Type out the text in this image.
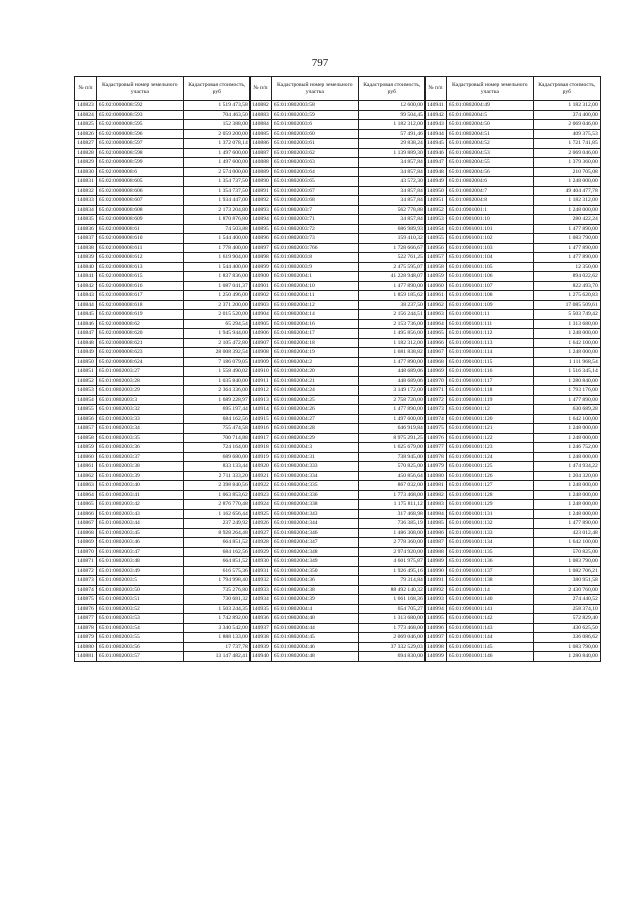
797
№ п/п	Кадастровый номер земельного участка	Кадастровая стоимость, руб
140823	65:02:0000008:592	1 519 473,58
140824	65:02:0000008:593	704 463,50
140825	65:02:0000008:595	152 388,00
140826	65:02:0000008:596	2 059 200,00
140827	65:02:0000008:597	1 372 078,14
140828	65:02:0000008:598	1 497 600,00
140829	65:02:0000008:599	1 497 600,00
140830	65:02:0000008:6	2 574 000,00
140831	65:02:0000008:605	1 354 737,50
140832	65:02:0000008:606	1 354 737,50
140833	65:02:0000008:607	1 934 447,00
140834	65:02:0000008:608	2 173 204,80
140835	65:02:0000008:609	1 870 876,80
140836	65:02:0000008:61	74 503,88
140837	65:02:0000008:610	1 544 400,00
140838	65:02:0000008:611	1 778 400,00
140839	65:02:0000008:612	1 619 904,00
140840	65:02:0000008:613	1 544 400,00
140841	65:02:0000008:615	1 837 836,00
140842	65:02:0000008:616	1 087 041,37
140843	65:02:0000008:617	1 250 496,00
140844	65:02:0000008:618	2 371 200,00
140845	65:02:0000008:619	2 015 520,00
140846	65:02:0000008:62	65 294,54
140847	65:02:0000008:620	1 945 944,00
140848	65:02:0000008:621	2 105 472,80
140849	65:02:0000008:623	28 008 392,54
140850	65:02:0000008:624	7 186 079,05
140851	65:01:0802003:27	1 558 490,02
140852	65:01:0802003:28	1 035 840,00
140853	65:01:0802003:29	2 364 336,00
140854	65:01:0802003:3	1 689 228,97
140855	65:01:0802003:32	695 197,44
140856	65:01:0802003:33	684 162,56
140857	65:01:0802003:34	755 474,58
140858	65:01:0802003:35	700 714,88
140859	65:01:0802003:36	724 164,00
140860	65:01:0802003:37	689 680,00
140861	65:01:0802003:38	833 133,44
140862	65:01:0802003:39	2 711 333,20
140863	65:01:0802003:40	2 398 840,56
140864	65:01:0802003:41	1 063 853,62
140865	65:01:0802003:42	2 876 770,48
140866	65:01:0802003:43	1 162 656,44
140867	65:01:0802003:44	237 249,92
140868	65:01:0802003:45	8 928 264,48
140869	65:01:0802003:46	664 851,52
140870	65:01:0802003:47	684 162,56
140871	65:01:0802003:48	664 851,52
140872	65:01:0802003:49	616 575,36
140873	65:01:0802003:5	1 794 998,40
140874	65:01:0802003:50	735 276,80
140875	65:01:0802003:51	730 681,32
140876	65:01:0802003:52	1 503 244,35
140877	65:01:0802003:53	1 742 892,00
140878	65:01:0802003:54	3 340 542,00
140879	65:01:0802003:55	1 888 133,00
140880	65:01:0802003:56	17 737,78
140881	65:01:0802003:57	13 147 482,41
№ п/п	Кадастровый номер земельного участка	Кадастровая стоимость, руб
140882	65:01:0802003:58	12 600,00
140883	65:01:0802003:59	99 504,45
140884	65:01:0802003:6	1 182 312,00
140885	65:01:0802003:60	57 491,46
140886	65:01:0802003:61	29 838,24
140887	65:01:0802003:62	1 139 889,30
140888	65:01:0802003:63	34 857,84
140889	65:01:0802003:64	34 857,84
140890	65:01:0802003:65	43 572,30
140891	65:01:0802003:67	34 857,84
140892	65:01:0802003:68	34 857,84
140893	65:01:0802003:7	562 778,88
140894	65:01:0802003:71	34 857,84
140895	65:01:0802003:72	686 989,93
140896	65:01:0802003:73	159 410,32
140897	65:01:0802003:766	1 728 666,67
140898	65:01:0802003:8	522 761,25
140899	65:01:0802003:9	2 475 595,07
140900	65:01:0802004:1	41 228 948,07
140901	65:01:0802004:10	1 477 890,00
140902	65:01:0802004:11	1 859 185,62
140903	65:01:0802004:12	38 237,50
140904	65:01:0802004:14	2 156 244,51
140905	65:01:0802004:16	2 153 736,00
140906	65:01:0802004:17	1 495 856,00
140907	65:01:0802004:18	1 182 312,00
140908	65:01:0802004:19	1 681 838,82
140909	65:01:0802004:2	1 477 890,00
140910	65:01:0802004:20	448 689,06
140911	65:01:0802004:21	448 689,06
140912	65:01:0802004:24	3 149 172,00
140913	65:01:0802004:25	2 758 720,00
140914	65:01:0802004:26	1 477 890,00
140915	65:01:0802004:27	1 497 600,00
140916	65:01:0802004:28	646 919,84
140917	65:01:0802004:29	8 975 291,25
140918	65:01:0802004:3	1 625 679,00
140919	65:01:0802004:31	738 945,00
140920	65:01:0802004:333	570 825,00
140921	65:01:0802004:334	450 856,64
140922	65:01:0802004:335	867 032,00
140923	65:01:0802004:336	1 773 468,00
140924	65:01:0802004:338	1 175 811,12
140925	65:01:0802004:343	317 468,98
140926	65:01:0802004:344	736 385,19
140927	65:01:0802004:346	1 486 308,00
140928	65:01:0802004:347	2 778 360,00
140929	65:01:0802004:348	2 974 920,00
140930	65:01:0802004:349	4 601 975,87
140931	65:01:0802004:350	1 926 495,16
140932	65:01:0802004:36	79 314,84
140933	65:01:0802004:38	88 492 140,32
140934	65:01:0802004:39	1 661 168,36
140935	65:01:0802004:4	654 705,27
140936	65:01:0802004:40	1 313 680,00
140937	65:01:0802004:44	1 773 468,00
140938	65:01:0802004:45	2 069 046,00
140939	65:01:0802004:46	37 332 529,03
140940	65:01:0802004:48	694 830,00
№ п/п	Кадастровый номер земельного участка	Кадастровая стоимость, руб
140941	65:01:0802004:49	1 182 312,00
140942	65:01:0802004:5	374 400,00
140943	65:01:0802004:50	2 069 046,00
140944	65:01:0802004:51	409 375,53
140945	65:01:0802004:52	1 721 741,85
140946	65:01:0802004:53	2 069 046,00
140947	65:01:0802004:55	1 379 360,00
140948	65:01:0802004:56	210 705,08
140949	65:01:0802004:6	1 248 000,00
140950	65:01:0802004:7	49 404 477,78
140951	65:01:0802004:8	1 182 312,00
140952	65:01:0901001:1	1 248 000,00
140953	65:01:0901001:10	280 422,24
140954	65:01:0901001:101	1 477 890,00
140955	65:01:0901001:102	1 083 790,00
140956	65:01:0901001:103	1 477 890,00
140957	65:01:0901001:104	1 477 890,00
140958	65:01:0901001:105	12 350,00
140959	65:01:0901001:106	894 022,62
140960	65:01:0901001:107	822 493,70
140961	65:01:0901001:108	1 275 620,83
140962	65:01:0901001:109	17 085 509,61
140963	65:01:0901001:11	5 503 749,42
140964	65:01:0901001:111	1 313 680,00
140965	65:01:0901001:112	1 248 000,00
140966	65:01:0901001:113	1 642 100,00
140967	65:01:0901001:114	1 248 000,00
140968	65:01:0901001:115	1 111 968,54
140969	65:01:0901001:116	1 516 345,14
140970	65:01:0901001:117	1 280 840,00
140971	65:01:0901001:118	1 793 176,00
140972	65:01:0901001:119	1 477 890,00
140973	65:01:0901001:12	630 689,28
140974	65:01:0901001:120	1 642 100,00
140975	65:01:0901001:121	1 248 000,00
140976	65:01:0901001:122	1 248 000,00
140977	65:01:0901001:123	1 246 752,00
140978	65:01:0901001:124	1 248 000,00
140979	65:01:0901001:125	1 474 934,22
140980	65:01:0901001:126	1 204 320,00
140981	65:01:0901001:127	1 248 000,00
140982	65:01:0901001:128	1 248 000,00
140983	65:01:0901001:129	1 248 000,00
140984	65:01:0901001:131	1 248 000,00
140985	65:01:0901001:132	1 477 890,00
140986	65:01:0901001:133	423 012,48
140987	65:01:0901001:134	1 642 100,00
140988	65:01:0901001:135	570 825,00
140989	65:01:0901001:136	1 083 790,00
140990	65:01:0901001:137	1 082 706,21
140991	65:01:0901001:138	380 951,58
140992	65:01:0901001:14	2 430 760,00
140993	65:01:0901001:140	274 440,52
140994	65:01:0901001:141	258 374,10
140995	65:01:0901001:142	572 829,40
140996	65:01:0901001:143	430 625,50
140997	65:01:0901001:144	336 086,62
140998	65:01:0901001:145	1 083 790,00
140999	65:01:0901001:146	1 280 840,00
